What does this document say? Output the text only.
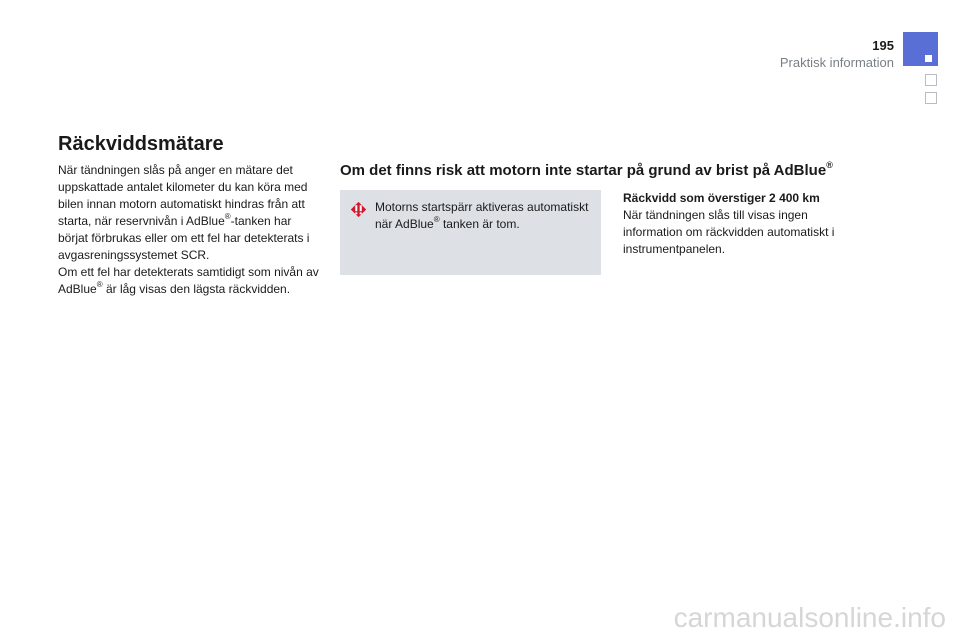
195
Praktisk information
Räckviddsmätare

När tändningen slås på anger en mätare det uppskattade antalet kilometer du kan köra med bilen innan motorn automatiskt hindras från att starta, när reservnivån i AdBlue®-tanken har börjat förbrukas eller om ett fel har detekterats i avgasreningssystemet SCR.

Om ett fel har detekterats samtidigt som nivån av AdBlue® är låg visas den lägsta räckvidden.

Om det finns risk att motorn inte startar på grund av brist på AdBlue®
Motorns startspärr aktiveras automatiskt när AdBlue® tanken är tom.
Räckvidd som överstiger 2 400 km
När tändningen slås till visas ingen information om räckvidden automatiskt i instrumentpanelen.
carmanualsonline.info
